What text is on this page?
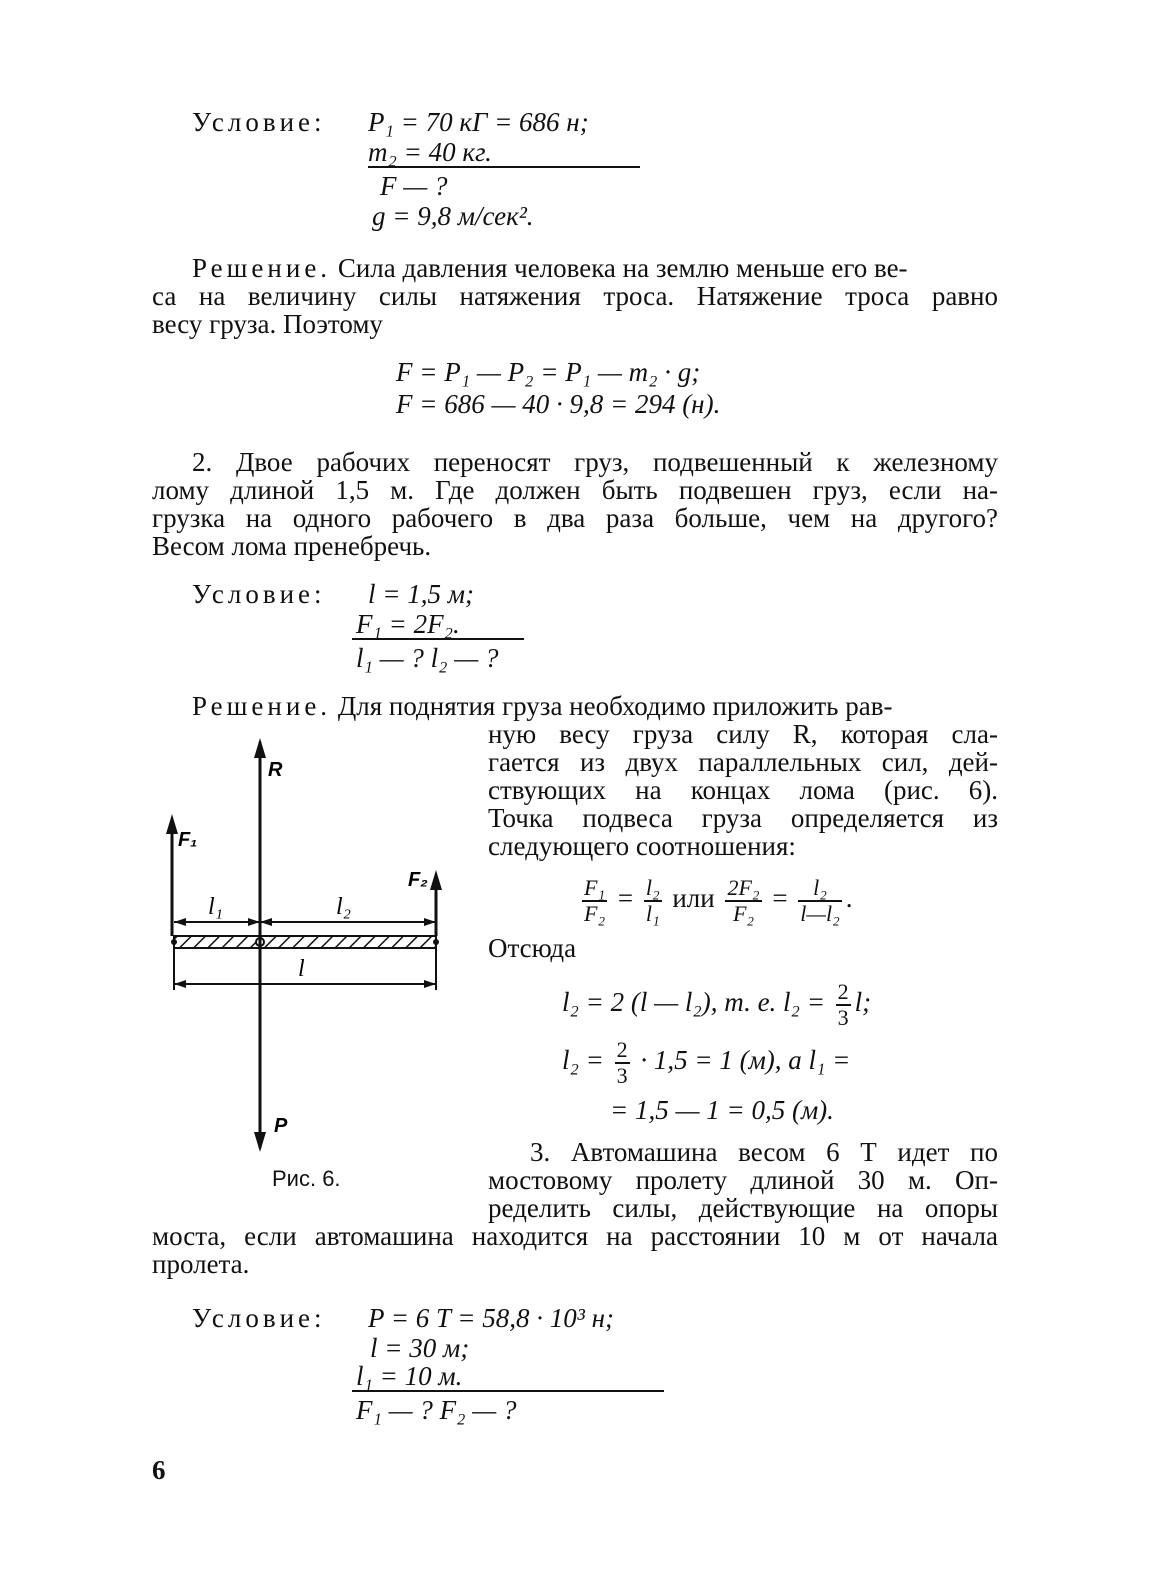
Условие: P₁ = 70 кГ = 686 н;
m₂ = 40 кг.
F — ?
g = 9,8 м/сек².
Решение. Сила давления человека на землю меньше его ве-
са на величину силы натяжения троса. Натяжение троса равно
весу груза. Поэтому
F = P₁ — P₂ = P₁ — m₂ · g;
F = 686 — 40 · 9,8 = 294 (н).
2. Двое рабочих переносят груз, подвешенный к железному
лому длиной 1,5 м. Где должен быть подвешен груз, если на-
грузка на одного рабочего в два раза больше, чем на другого?
Весом лома пренебречь.
Условие: l = 1,5 м;
F₁ = 2F₂.
l₁ — ? l₂ — ?
Решение. Для поднятия груза необходимо приложить рав-
ную весу груза силу R, которая сла-
гается из двух параллельных сил, дей-
ствующих на концах лома (рис. 6).
Точка подвеса груза определяется из
следующего соотношения:
$\frac{\text{F₁}}{\text{F₂}} = \frac{\text{l₂}}{\text{l₁}}$ или $\frac{\text{2F₂}}{\text{F₂}} = \frac{\text{l₂}}{\text{l—l₂}}$ .
Отсюда
l₂ = 2 (l — l₂), т. е. $l_2 = \frac{2}{3} l$;
$l_2 = \frac{2}{3} \cdot 1,5 = 1$ (м), а l₁ =
= 1,5 — 1 = 0,5 (м).
R
F₁
F₂
P
l₁	l₂
l
Рис. 6.
3. Автомашина весом 6 Т идет по
мостовому пролету длиной 30 м. Оп-
ределить силы, действующие на опоры
моста, если автомашина находится на расстоянии 10 м от начала
пролета.
Условие: P = 6 T = 58,8 · 10³ н;
l = 30 м;
l₁ = 10 м.
F₁ — ? F₂ — ?
6
